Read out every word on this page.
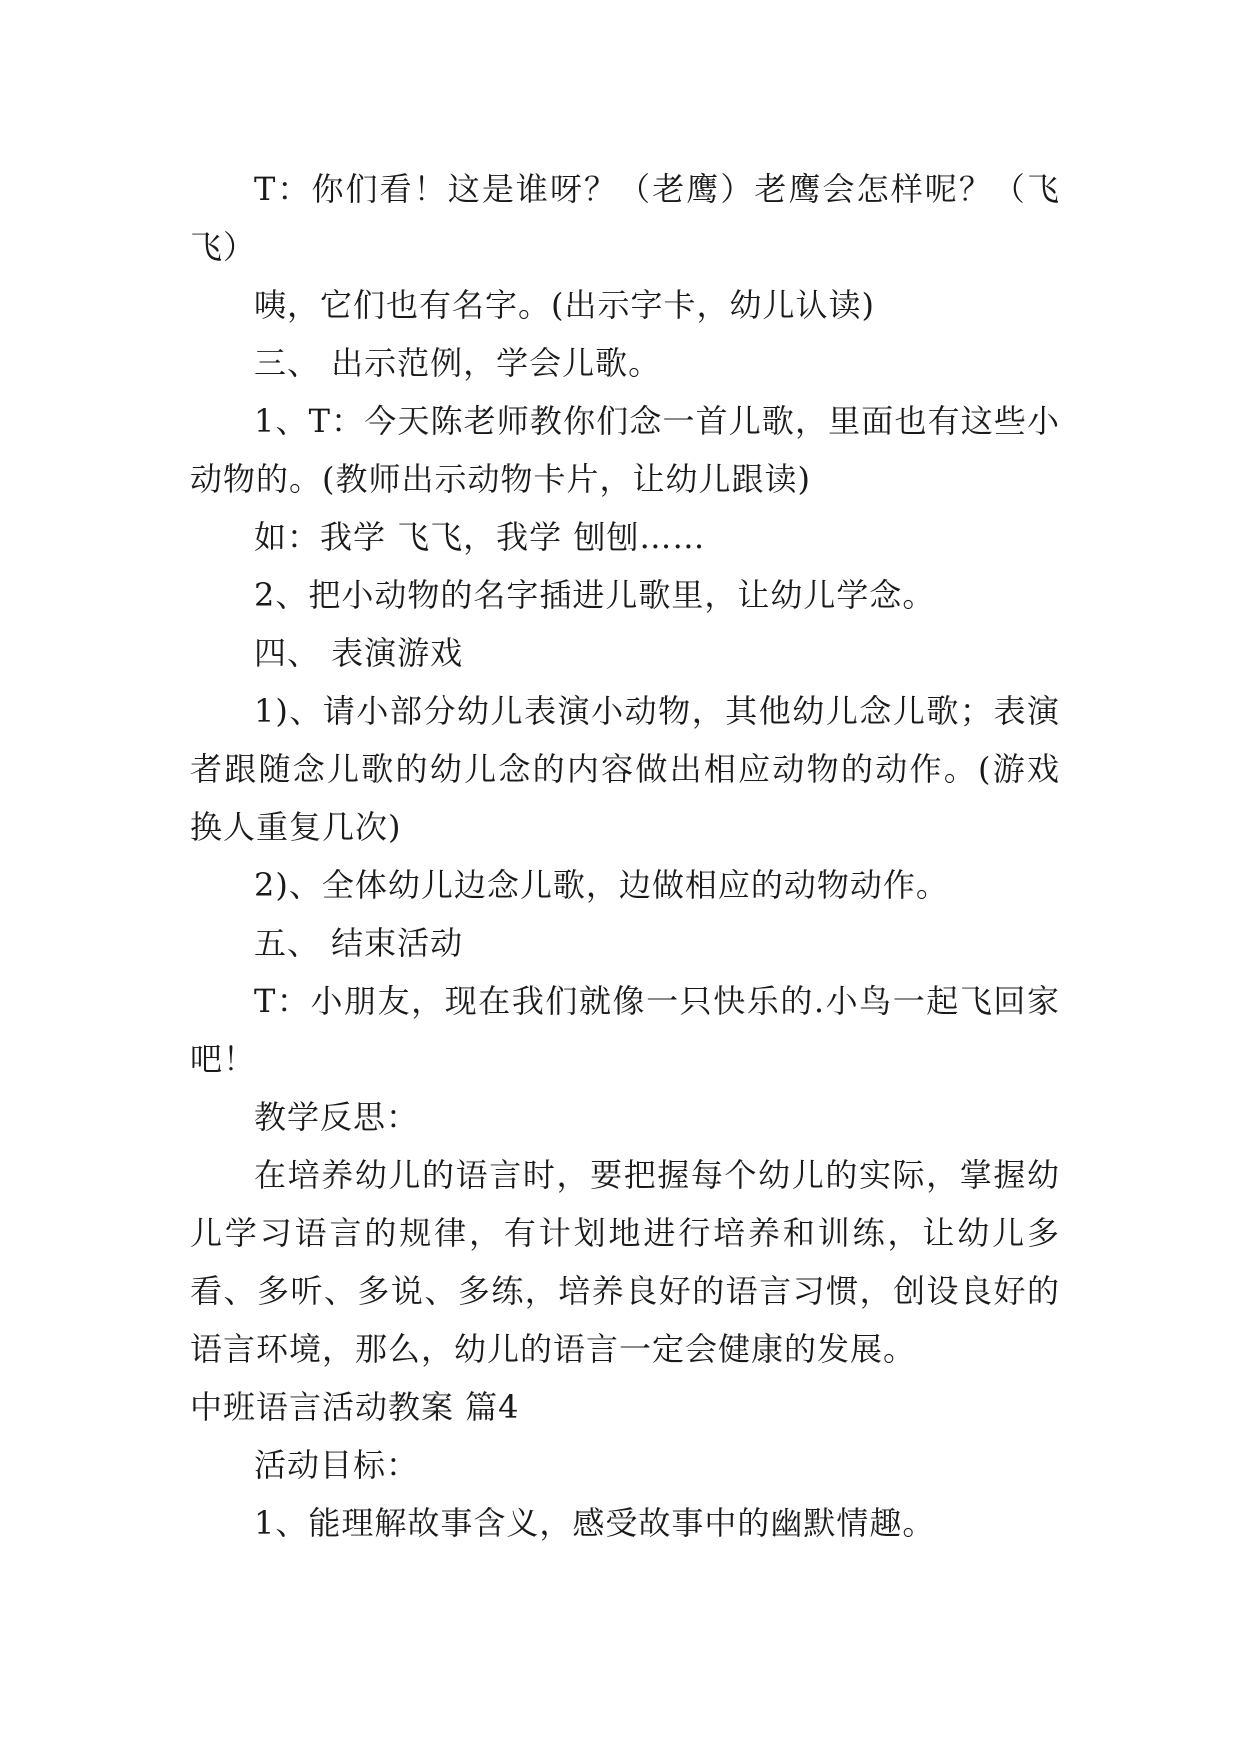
T：你们看！这是谁呀？（老鹰）老鹰会怎样呢？（飞飞）

咦，它们也有名字。(出示字卡，幼儿认读)

三、 出示范例，学会儿歌。

1、T：今天陈老师教你们念一首儿歌，里面也有这些小动物的。(教师出示动物卡片，让幼儿跟读)

如：我学 飞飞，我学 刨刨……

2、把小动物的名字插进儿歌里，让幼儿学念。

四、 表演游戏

1)、请小部分幼儿表演小动物，其他幼儿念儿歌；表演者跟随念儿歌的幼儿念的内容做出相应动物的动作。(游戏换人重复几次)

2)、全体幼儿边念儿歌，边做相应的动物动作。

五、 结束活动

T：小朋友，现在我们就像一只快乐的.小鸟一起飞回家吧！

教学反思：

在培养幼儿的语言时，要把握每个幼儿的实际，掌握幼儿学习语言的规律，有计划地进行培养和训练，让幼儿多看、多听、多说、多练，培养良好的语言习惯，创设良好的语言环境，那么，幼儿的语言一定会健康的发展。

中班语言活动教案 篇4

活动目标：

1、能理解故事含义，感受故事中的幽默情趣。
